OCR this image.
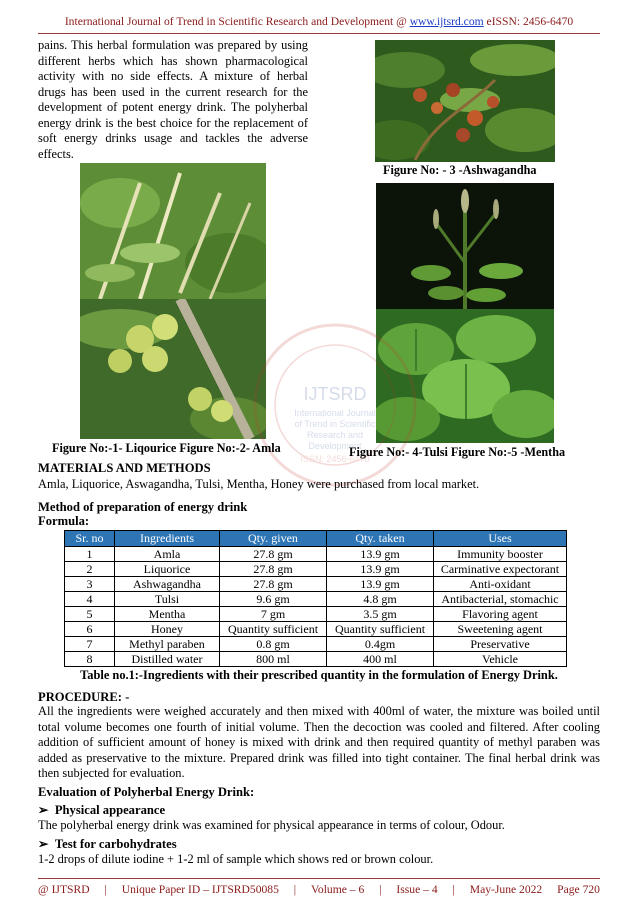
International Journal of Trend in Scientific Research and Development @ www.ijtsrd.com eISSN: 2456-6470
pains. This herbal formulation was prepared by using different herbs which has shown pharmacological activity with no side effects. A mixture of herbal drugs has been used in the current research for the development of potent energy drink. The polyherbal energy drink is the best choice for the replacement of soft energy drinks usage and tackles the adverse effects.
Figure No: - 3 -Ashwagandha
IJTSRD
International Journal
of Trend in Scientific
Research and
Development
ISSN: 2456-6470
Figure No:-1- Liqourice Figure No:-2- Amla	Figure No:- 4-Tulsi Figure No:-5 -Mentha
MATERIALS AND METHODS
Amla, Liquorice, Aswagandha, Tulsi, Mentha, Honey were purchased from local market.
Method of preparation of energy drink
Formula:
Sr. no	Ingredients	Qty. given	Qty. taken	Uses
1	Amla	27.8 gm	13.9 gm	Immunity booster
2	Liquorice	27.8 gm	13.9 gm	Carminative expectorant
3	Ashwagandha	27.8 gm	13.9 gm	Anti-oxidant
4	Tulsi	9.6 gm	4.8 gm	Antibacterial, stomachic
5	Mentha	7 gm	3.5 gm	Flavoring agent
6	Honey	Quantity sufficient	Quantity sufficient	Sweetening agent
7	Methyl paraben	0.8 gm	0.4gm	Preservative
8	Distilled water	800 ml	400 ml	Vehicle
Table no.1:-Ingredients with their prescribed quantity in the formulation of Energy Drink.
PROCEDURE: -
All the ingredients were weighed accurately and then mixed with 400ml of water, the mixture was boiled until total volume becomes one fourth of initial volume. Then the decoction was cooled and filtered. After cooling addition of sufficient amount of honey is mixed with drink and then required quantity of methyl paraben was added as preservative to the mixture. Prepared drink was filled into tight container. The final herbal drink was then subjected for evaluation.
Evaluation of Polyherbal Energy Drink:
➢ Physical appearance
The polyherbal energy drink was examined for physical appearance in terms of colour, Odour.
➢ Test for carbohydrates
1-2 drops of dilute iodine + 1-2 ml of sample which shows red or brown colour.
@ IJTSRD | Unique Paper ID – IJTSRD50085 | Volume – 6 | Issue – 4 | May-June 2022 Page 720
